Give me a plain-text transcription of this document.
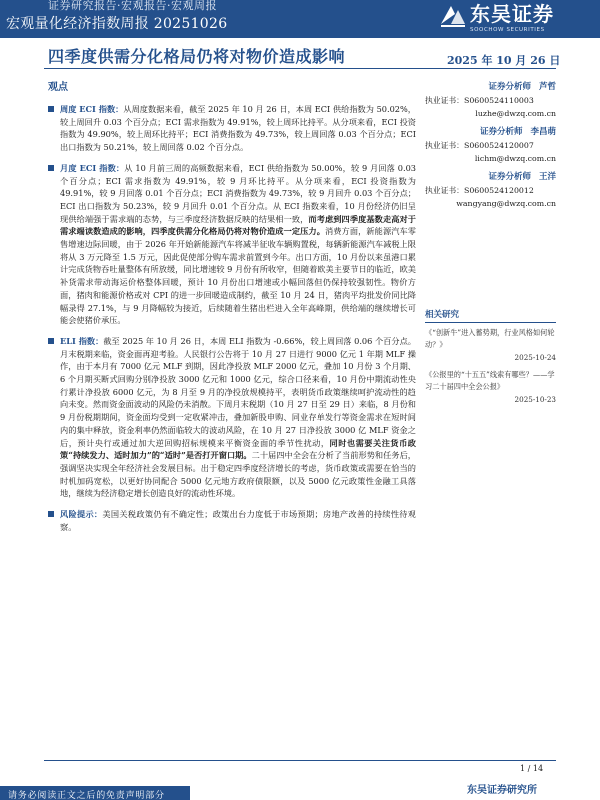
证券研究报告·宏观报告·宏观周报
宏观量化经济指数周报 20251026	东吴证券
SOOCHOW SECURITIES
四季度供需分化格局仍将对物价造成影响	2025 年 10 月 26 日
观点
周度 ECI 指数：从周度数据来看，截至 2025 年 10 月 26 日，本周 ECI 供给指数为 50.02%，较上周回升 0.03 个百分点；ECI 需求指数为 49.91%，较上周环比持平。从分项来看，ECI 投资指数为 49.90%，较上周环比持平；ECI 消费指数为 49.73%，较上周回落 0.03 个百分点；ECI 出口指数为 50.21%，较上周回落 0.02 个百分点。
月度 ECI 指数：从 10 月前三周的高频数据来看，ECI 供给指数为 50.00%，较 9 月回落 0.03 个百分点；ECI 需求指数为 49.91%，较 9 月环比持平。从分项来看，ECI 投资指数为 49.91%，较 9 月回落 0.01 个百分点；ECI 消费指数为 49.73%，较 9 月回升 0.03 个百分点；ECI 出口指数为 50.23%，较 9 月回升 0.01 个百分点。从 ECI 指数来看，10 月份经济仍旧呈现供给端强于需求端的态势，与三季度经济数据反映的结果相一致，而考虑到四季度基数走高对于需求端读数造成的影响，四季度供需分化格局仍将对物价造成一定压力。消费方面，新能源汽车零售增速边际回暖，由于 2026 年开始新能源汽车将减半征收车辆购置税，每辆新能源汽车减税上限将从 3 万元降至 1.5 万元，因此促使部分购车需求前置到今年。出口方面，10 月份以来虽港口累计完成货物吞吐量整体有所放缓，同比增速较 9 月份有所收窄，但随着欧美主要节日的临近，欧美补货需求带动海运价格整体回暖，预计 10 月份出口增速或小幅回落但仍保持较强韧性。物价方面，猪肉和能源价格或对 CPI 的进一步回暖造成制约，截至 10 月 24 日，猪肉平均批发价同比降幅录得 27.1%，与 9 月降幅较为接近，后续随着生猪出栏进入全年高峰期，供给端的继续增长可能会使猪价承压。
ELI 指数：截至 2025 年 10 月 26 日，本周 ELI 指数为 -0.66%，较上周回落 0.06 个百分点。月末税期来临，资金面再迎考验。人民银行公告将于 10 月 27 日进行 9000 亿元 1 年期 MLF 操作，由于本月有 7000 亿元 MLF 到期，因此净投放 MLF 2000 亿元，叠加 10 月份 3 个月期、6 个月期买断式回购分别净投放 3000 亿元和 1000 亿元，综合口径来看，10 月份中期流动性央行累计净投放 6000 亿元，为 8 月至 9 月的净投放规模持平，表明货币政策继续呵护流动性的趋向未变。然而资金面波动的风险仍未消散。下周月末税期（10 月 27 日至 29 日）来临，8 月份和 9 月份税期期间，资金面均受到一定收紧冲击，叠加新股申购、同业存单发行等资金需求在短时间内的集中释放，资金利率仍然面临较大的波动风险，在 10 月 27 日净投放 3000 亿 MLF 资金之后，预计央行或通过加大逆回购招标规模来平衡资金面的季节性扰动，同时也需要关注货币政策“持续发力、适时加力”的“适时”是否打开窗口期。二十届四中全会在分析了当前形势和任务后，强调坚决实现全年经济社会发展目标。出于稳定四季度经济增长的考虑，货币政策或需要在恰当的时机加码宽松，以更好协同配合 5000 亿元地方政府债限额，以及 5000 亿元政策性金融工具落地，继续为经济稳定增长创造良好的流动性环境。
风险提示：美国关税政策仍有不确定性；政策出台力度低于市场预期；房地产改善的持续性待观察。
证券分析师 芦哲
执业证书：S0600524110003
luzhe@dwzq.com.cn
证券分析师 李昌萌
执业证书：S0600524120007
lichm@dwzq.com.cn
证券分析师 王洋
执业证书：S0600524120012
wangyang@dwzq.com.cn
相关研究
《“创新牛”进入蓄势期，行业风格如何轮动？》
2025-10-24
《公报里的“十五五”线索有哪些？——学习二十届四中全会公报》
2025-10-23
1 / 14
东吴证券研究所
请务必阅读正文之后的免责声明部分
